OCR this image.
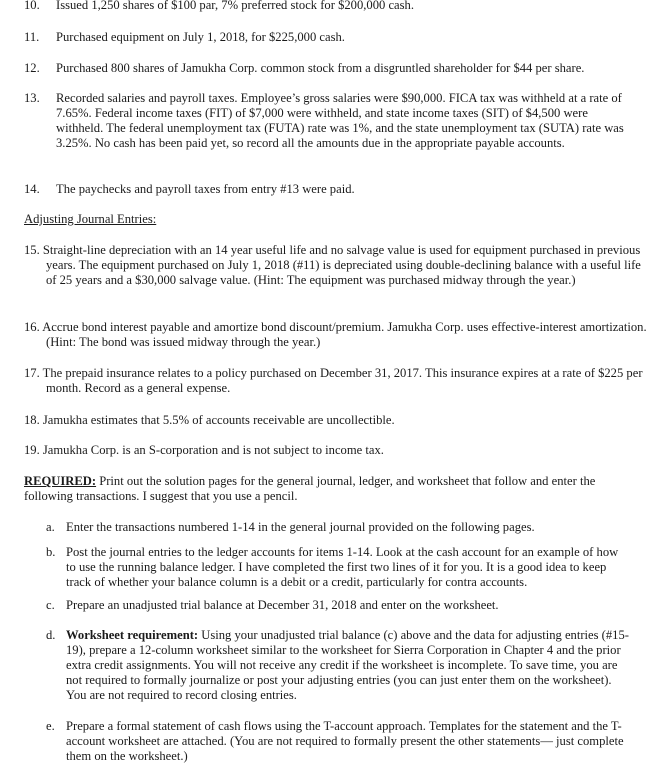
10.	Issued 1,250 shares of $100 par, 7% preferred stock for $200,000 cash.
11.	Purchased equipment on July 1, 2018, for $225,000 cash.
12.	Purchased 800 shares of Jamukha Corp. common stock from a disgruntled shareholder for $44 per share.
13.	Recorded salaries and payroll taxes. Employee’s gross salaries were $90,000. FICA tax was withheld at a rate of 7.65%. Federal income taxes (FIT) of $7,000 were withheld, and state income taxes (SIT) of $4,500 were withheld. The federal unemployment tax (FUTA) rate was 1%, and the state unemployment tax (SUTA) rate was 3.25%. No cash has been paid yet, so record all the amounts due in the appropriate payable accounts.
14.	The paychecks and payroll taxes from entry #13 were paid.
Adjusting Journal Entries:
15. Straight-line depreciation with an 14 year useful life and no salvage value is used for equipment purchased in previous years. The equipment purchased on July 1, 2018 (#11) is depreciated using double-declining balance with a useful life of 25 years and a $30,000 salvage value. (Hint: The equipment was purchased midway through the year.)
16. Accrue bond interest payable and amortize bond discount/premium. Jamukha Corp. uses effective-interest amortization. (Hint: The bond was issued midway through the year.)
17. The prepaid insurance relates to a policy purchased on December 31, 2017. This insurance expires at a rate of $225 per month. Record as a general expense.
18. Jamukha estimates that 5.5% of accounts receivable are uncollectible.
19. Jamukha Corp. is an S-corporation and is not subject to income tax.
REQUIRED: Print out the solution pages for the general journal, ledger, and worksheet that follow and enter the following transactions. I suggest that you use a pencil.
a. Enter the transactions numbered 1-14 in the general journal provided on the following pages.
b. Post the journal entries to the ledger accounts for items 1-14. Look at the cash account for an example of how to use the running balance ledger. I have completed the first two lines of it for you. It is a good idea to keep track of whether your balance column is a debit or a credit, particularly for contra accounts.
c. Prepare an unadjusted trial balance at December 31, 2018 and enter on the worksheet.
d. Worksheet requirement: Using your unadjusted trial balance (c) above and the data for adjusting entries (#15-19), prepare a 12-column worksheet similar to the worksheet for Sierra Corporation in Chapter 4 and the prior extra credit assignments. You will not receive any credit if the worksheet is incomplete. To save time, you are not required to formally journalize or post your adjusting entries (you can just enter them on the worksheet). You are not required to record closing entries.
e. Prepare a formal statement of cash flows using the T-account approach. Templates for the statement and the T-account worksheet are attached. (You are not required to formally present the other statements— just complete them on the worksheet.)
